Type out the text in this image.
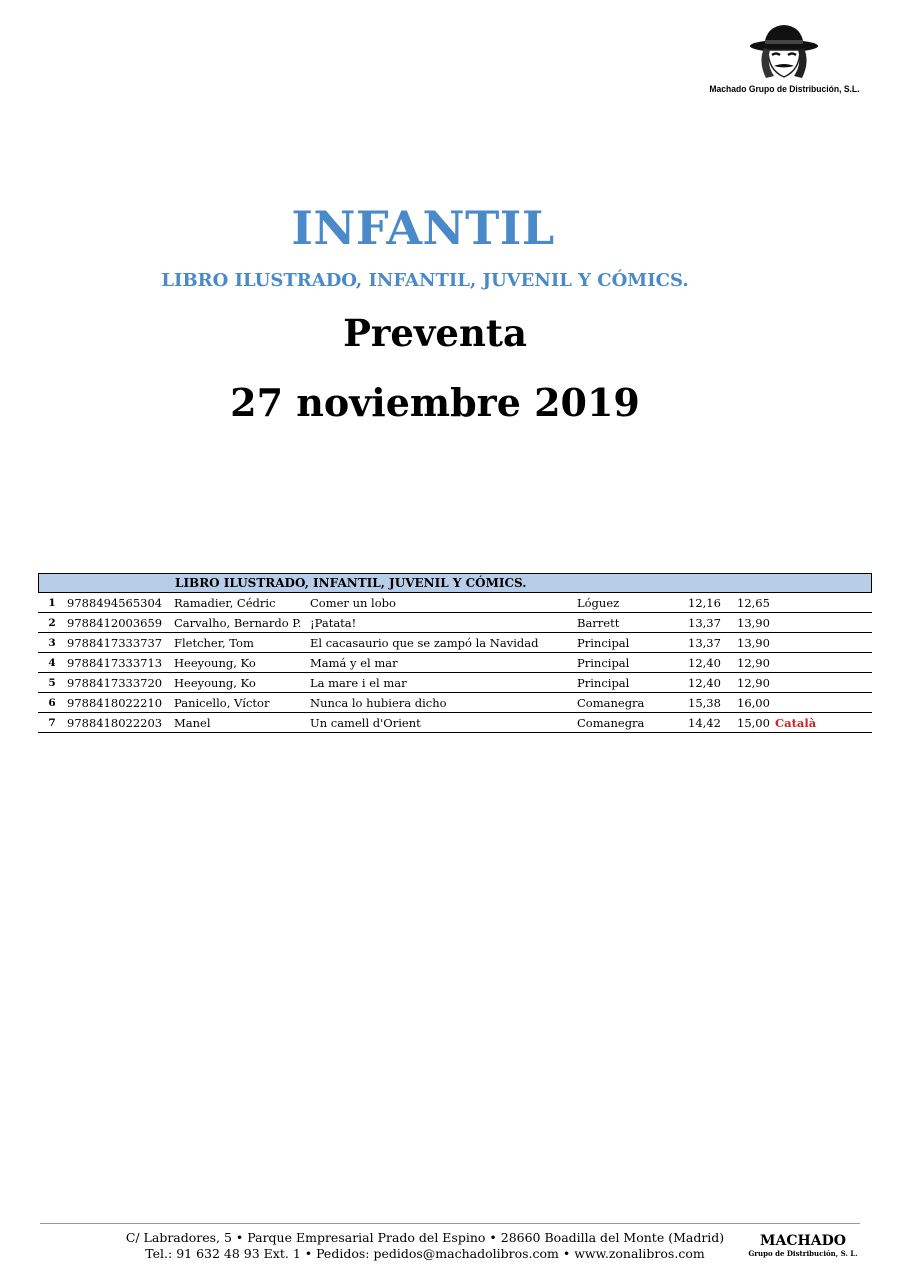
Machado Grupo de Distribución, S.L.
INFANTIL
LIBRO ILUSTRADO, INFANTIL, JUVENIL Y CÓMICS.
Preventa
27 noviembre 2019
LIBRO ILUSTRADO, INFANTIL, JUVENIL Y CÓMICS.
1 9788494565304 Ramadier, Cédric	Comer un lobo	Lóguez	12,16 12,65
2 9788412003659 Carvalho, Bernardo P. ¡Patata!	Barrett	13,37 13,90
3 9788417333737 Fletcher, Tom	El cacasaurio que se zampó la Navidad	Principal	13,37 13,90
4 9788417333713 Heeyoung, Ko	Mamá y el mar	Principal	12,40 12,90
5 9788417333720 Heeyoung, Ko	La mare i el mar	Principal	12,40 12,90
6 9788418022210 Panicello, Víctor	Nunca lo hubiera dicho	Comanegra	15,38 16,00
7 9788418022203 Manel	Un camell d'Orient	Comanegra	14,42 15,00 Català
C/ Labradores, 5 • Parque Empresarial Prado del Espino • 28660 Boadilla del Monte (Madrid)
Tel.: 91 632 48 93 Ext. 1 • Pedidos: pedidos@machadolibros.com • www.zonalibros.com
MACHADO
Grupo de Distribución, S. L.
